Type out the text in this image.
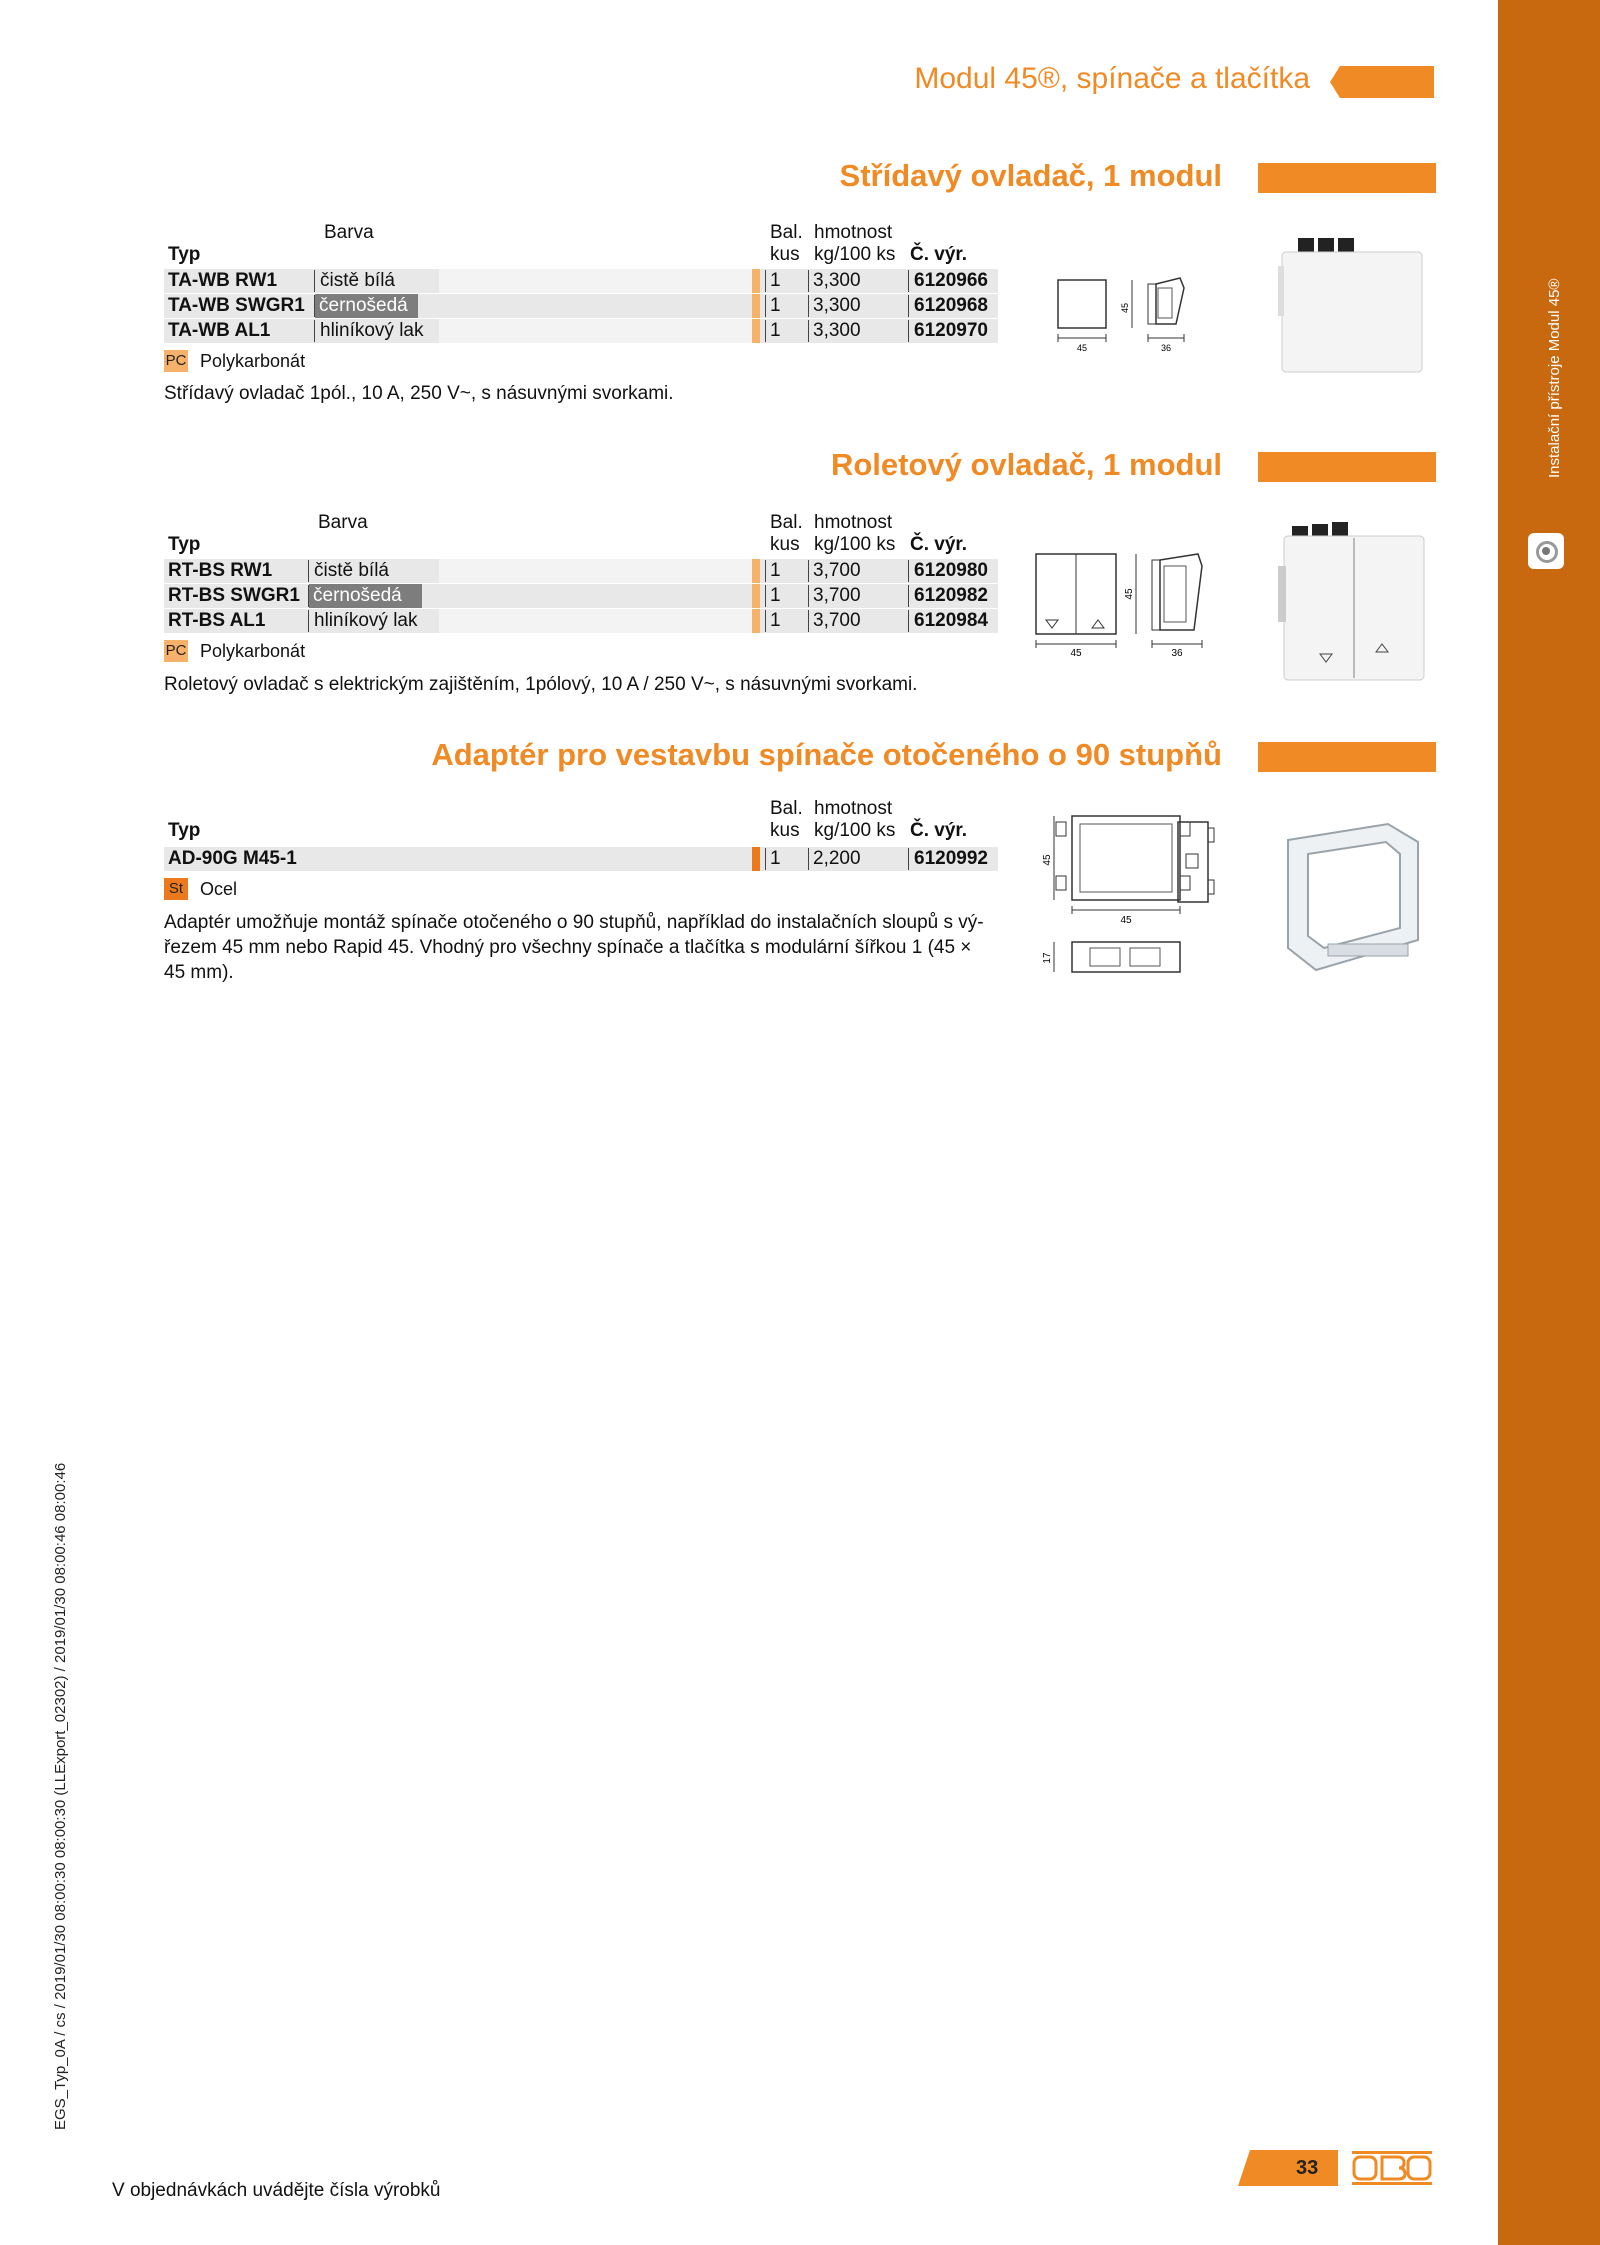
Instalační přístroje Modul 45®
Modul 45®, spínače a tlačítka
Střídavý ovladač, 1 modul
Barva	Bal. hmotnost
Typ	kus kg/100 ks Č. výr.
TA-WB RW1 čistě bílá	1 3,300	6120966
TA-WB SWGR1 černošedá	1 3,300	6120968
TA-WB AL1	hliníkový lak	1 3,300	6120970
PC Polykarbonát
Střídavý ovladač 1pól., 10 A, 250 V~, s násuvnými svorkami.
45
45
36
Roletový ovladač, 1 modul
Barva	Bal. hmotnost
Typ	kus kg/100 ks Č. výr.
RT-BS RW1 čistě bílá	1 3,700	6120980
RT-BS SWGR1 černošedá	1 3,700	6120982
RT-BS AL1	hliníkový lak	1 3,700	6120984
PC Polykarbonát
Roletový ovladač s elektrickým zajištěním, 1pólový, 10 A / 250 V~, s násuvnými svorkami.
45
45
36
Adaptér pro vestavbu spínače otočeného o 90 stupňů
Bal. hmotnost
Typ	kus kg/100 ks Č. výr.
AD-90G M45-1	1 2,200	6120992
St Ocel
Adaptér umožňuje montáž spínače otočeného o 90 stupňů, například do instalačních sloupů s vý-
řezem 45 mm nebo Rapid 45. Vhodný pro všechny spínače a tlačítka s modulární šířkou 1 (45 ×
45 mm).
45
45
17
V objednávkách uvádějte čísla výrobků
33
EGS_Typ_0A / cs / 2019/01/30 08:00:30 08:00:30 (LLExport_02302) / 2019/01/30 08:00:46 08:00:46
